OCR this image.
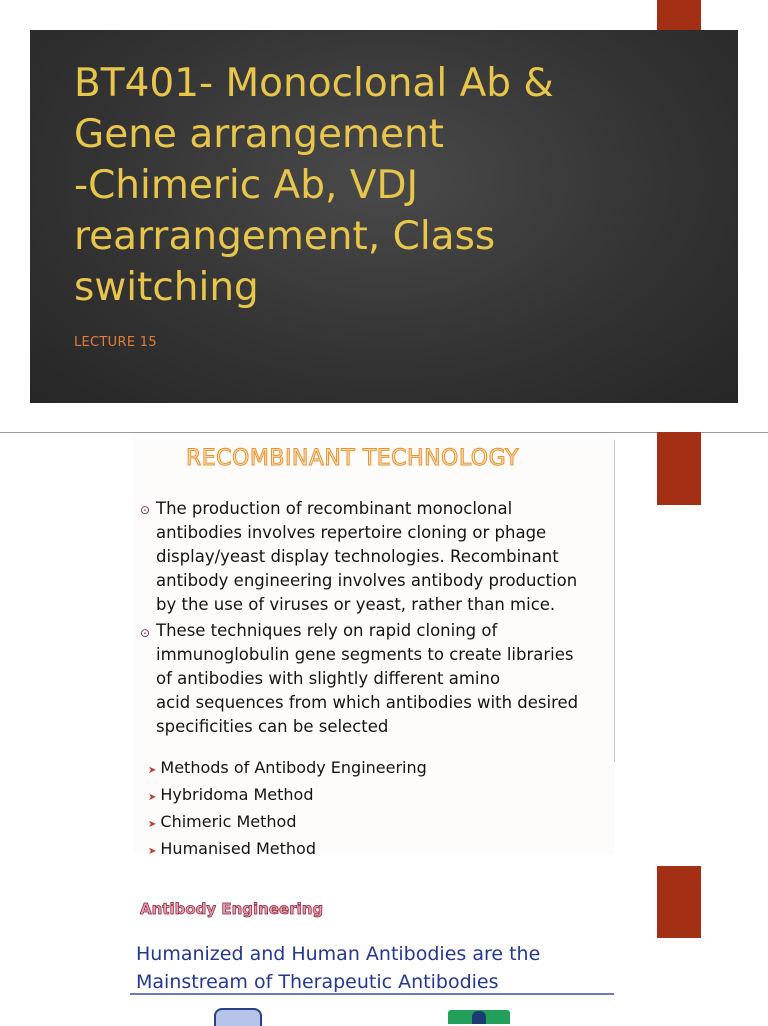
BT401- Monoclonal Ab &
Gene arrangement
-Chimeric Ab, VDJ
rearrangement, Class
switching
LECTURE 15
RECOMBINANT TECHNOLOGY
⊙ The production of recombinant monoclonal
antibodies involves repertoire cloning or phage
display/yeast display technologies. Recombinant
antibody engineering involves antibody production
by the use of viruses or yeast, rather than mice.

⊙ These techniques rely on rapid cloning of
immunoglobulin gene segments to create libraries
of antibodies with slightly different amino
acid sequences from which antibodies with desired
specificities can be selected

➤ Methods of Antibody Engineering
➤ Hybridoma Method
➤ Chimeric Method
➤ Humanised Method
Antibody Engineering

Humanized and Human Antibodies are the
Mainstream of Therapeutic Antibodies
